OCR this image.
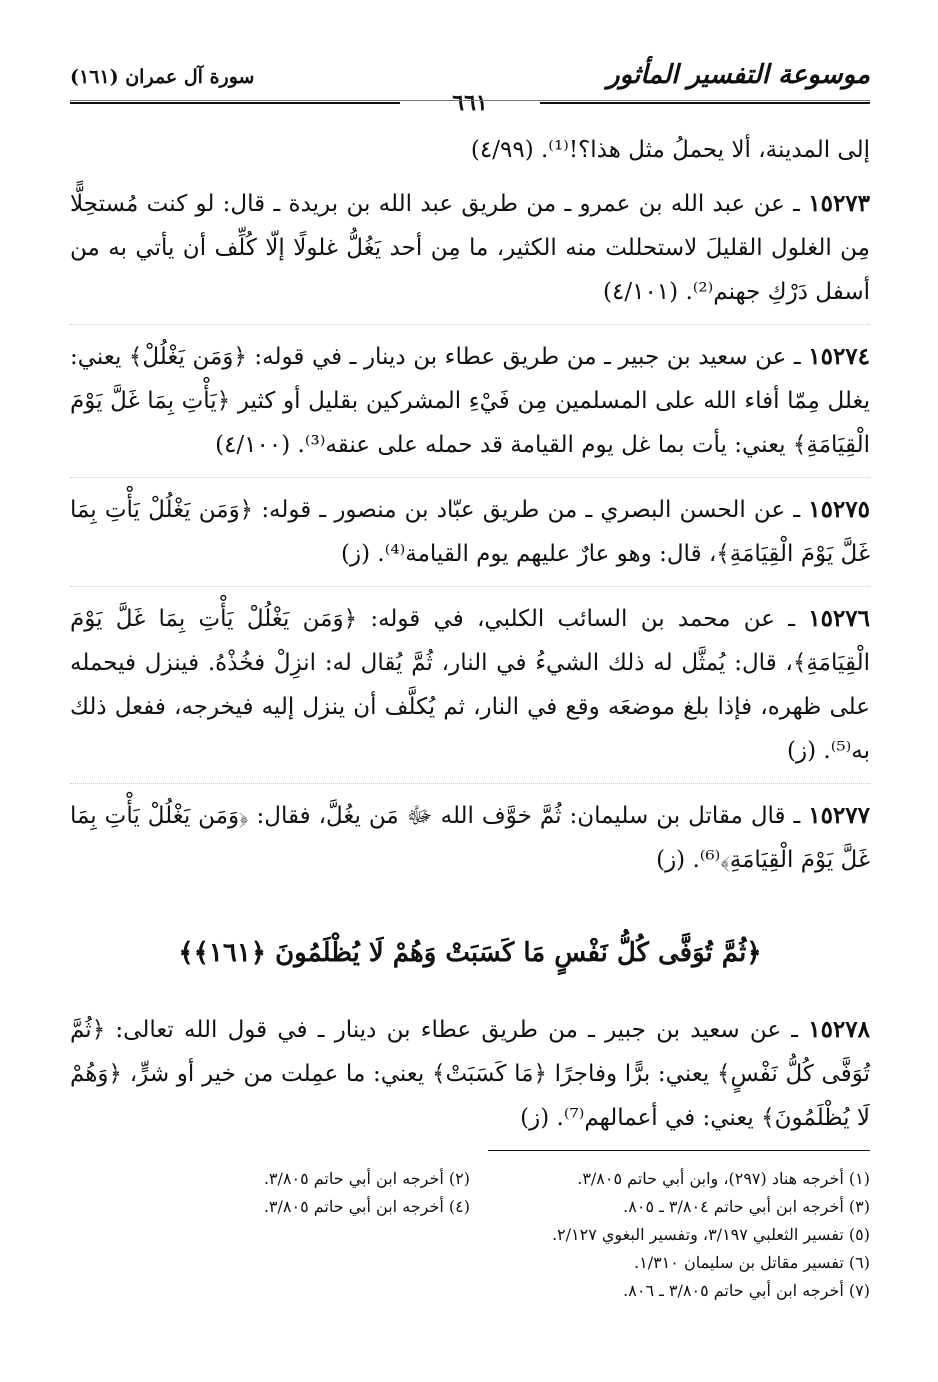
موسوعة التفسير المأثور
سورة آل عمران (١٦١)
٦٦١

إلى المدينة، ألا يحملُ مثل هذا؟!⁽¹⁾. (٤/٩٩)

١٥٢٧٣ ـ عن عبد الله بن عمرو ـ من طريق عبد الله بن بريدة ـ قال: لو كنت مُستحِلًّا مِن الغلول القليلَ لاستحللت منه الكثير، ما مِن أحد يَغُلُّ غلولًا إلّا كُلِّف أن يأتي به من أسفل دَرْكِ جهنم⁽²⁾. (٤/١٠١)

١٥٢٧٤ ـ عن سعيد بن جبير ـ من طريق عطاء بن دينار ـ في قوله: ﴿وَمَن يَغْلُلْ﴾ يعني: يغلل مِمّا أفاء الله على المسلمين مِن فَيْءِ المشركين بقليل أو كثير ﴿يَأْتِ بِمَا غَلَّ يَوْمَ الْقِيَامَةِ﴾ يعني: يأت بما غل يوم القيامة قد حمله على عنقه⁽³⁾. (٤/١٠٠)

١٥٢٧٥ ـ عن الحسن البصري ـ من طريق عبّاد بن منصور ـ قوله: ﴿وَمَن يَغْلُلْ يَأْتِ بِمَا غَلَّ يَوْمَ الْقِيَامَةِ﴾، قال: وهو عارٌ عليهم يوم القيامة⁽⁴⁾. (ز)

١٥٢٧٦ ـ عن محمد بن السائب الكلبي، في قوله: ﴿وَمَن يَغْلُلْ يَأْتِ بِمَا غَلَّ يَوْمَ الْقِيَامَةِ﴾، قال: يُمثَّل له ذلك الشيءُ في النار، ثُمَّ يُقال له: انزِلْ فخُذْهُ. فينزل فيحمله على ظهره، فإذا بلغ موضعَه وقع في النار، ثم يُكلَّف أن ينزل إليه فيخرجه، ففعل ذلك به⁽⁵⁾. (ز)

١٥٢٧٧ ـ قال مقاتل بن سليمان: ثُمَّ خوَّف الله ﷻ مَن يغُلَّ، فقال: ﴿وَمَن يَغْلُلْ يَأْتِ بِمَا غَلَّ يَوْمَ الْقِيَامَةِ﴾⁽⁶⁾. (ز)

﴿ثُمَّ تُوَفَّى كُلُّ نَفْسٍ مَا كَسَبَتْ وَهُمْ لَا يُظْلَمُونَ ﴿١٦١﴾﴾

١٥٢٧٨ ـ عن سعيد بن جبير ـ من طريق عطاء بن دينار ـ في قول الله تعالى: ﴿ثُمَّ تُوَفَّى كُلُّ نَفْسٍ﴾ يعني: برًّا وفاجرًا ﴿مَا كَسَبَتْ﴾ يعني: ما عمِلت من خير أو شرٍّ، ﴿وَهُمْ لَا يُظْلَمُونَ﴾ يعني: في أعمالهم⁽⁷⁾. (ز)

(١) أخرجه هناد (٢٩٧)، وابن أبي حاتم ٣/٨٠٥.
(٢) أخرجه ابن أبي حاتم ٣/٨٠٥.
(٣) أخرجه ابن أبي حاتم ٣/٨٠٤ ـ ٨٠٥.
(٤) أخرجه ابن أبي حاتم ٣/٨٠٥.
(٥) تفسير الثعلبي ٣/١٩٧، وتفسير البغوي ٢/١٢٧.
(٦) تفسير مقاتل بن سليمان ١/٣١٠.
(٧) أخرجه ابن أبي حاتم ٣/٨٠٥ ـ ٨٠٦.
